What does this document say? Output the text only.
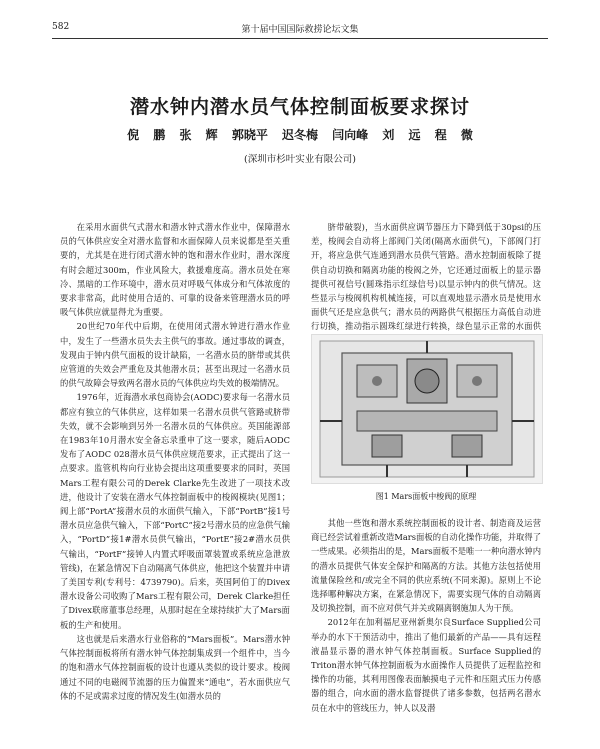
582	第十届中国国际救捞论坛文集
潜水钟内潜水员气体控制面板要求探讨
倪 鹏 张 辉 郭晓平 迟冬梅 闫向峰 刘 远 程 微
(深圳市杉叶实业有限公司)

在采用水面供气式潜水和潜水钟式潜水作业中，保障潜水员的气体供应安全对潜水监督和水面保障人员来说都是至关重要的，尤其是在进行闭式潜水钟的饱和潜水作业时，潜水深度有时会超过300m，作业风险大，救援难度高。潜水员处在寒冷、黑暗的工作环境中，潜水员对呼吸气体成分和气体浓度的要求非常高，此时使用合适的、可靠的设备来管理潜水员的呼吸气体供应就显得尤为重要。

20世纪70年代中后期，在使用闭式潜水钟进行潜水作业中，发生了一些潜水员失去主供气的事故。通过事故的调查，发现由于钟内供气面板的设计缺陷，一名潜水员的脐带或其供应管道的失效会严重危及其他潜水员；甚至出现过一名潜水员的供气故障会导致两名潜水员的气体供应均失效的极端情况。

1976年，近海潜水承包商协会(AODC)要求每一名潜水员都应有独立的气体供应，这样如果一名潜水员供气管路或脐带失效，就不会影响到另外一名潜水员的气体供应。英国能源部在1983年10月潜水安全备忘录重申了这一要求，随后AODC发布了AODC 028潜水员气体供应规范要求，正式提出了这一点要求。监管机构向行业协会提出这项重要要求的同时，英国Mars工程有限公司的Derek Clarke先生改进了一项技术改进，他设计了安装在潜水气体控制面板中的梭阀模块(见图1；阀上部“PortA”接潜水员的水面供气输入，下部“PortB”接1号潜水员应急供气输入，下部“PortC”接2号潜水员的应急供气输入，“PortD”接1#潜水员供气输出，“PortE”接2#潜水员供气输出，“PortF”接钟人内置式呼吸面罩装置或系统应急泄放管线)，在紧急情况下自动隔离气体供应，他把这个装置并申请了美国专利(专利号：4739790)。后来，英国阿伯丁的Divex潜水设备公司收购了Mars工程有限公司，Derek Clarke担任了Divex联席董事总经理，从那时起在全球持续扩大了Mars面板的生产和使用。

这也就是后来潜水行业俗称的“Mars面板”。Mars潜水钟气体控制面板将所有潜水钟气体控制集成到一个组件中，当今的饱和潜水气体控制面板的设计也遵从类似的设计要求。梭阀通过不同的电磁阀节流器的压力偏置来“通电”，若水面供应气体的不足或需求过度的情况发生(如潜水员的

脐带破裂)，当水面供应调节器压力下降到低于30psi的压差，梭阀会自动将上部阀门关闭(隔离水面供气)，下部阀门打开，将应急供气连通到潜水员供气管路。潜水控制面板除了提供自动切换和隔离功能的梭阀之外，它还通过面板上的显示器提供可视信号(圆珠指示红绿信号)以显示钟内的供气情况。这些显示与梭阀机构机械连接，可以直观地显示潜水员是使用水面供气还是应急供气；潜水员的两路供气根据压力高低自动进行切换，推动指示圆珠红绿进行转换，绿色显示正常的水面供

图1 Mars面板中梭阀的原理

其他一些饱和潜水系统控制面板的设计者、制造商及运营商已经尝试着重新改造Mars面板的自动化操作功能，并取得了一些成果。必须指出的是，Mars面板不是唯一一种向潜水钟内的潜水员提供气体安全保护和隔离的方法。其他方法包括使用流量保险丝和/或完全不同的供应系统(不同来源)。原则上不论选择哪种解决方案，在紧急情况下，需要实现气体的自动隔离及切换控制，而不应对供气并关或隔离钢施加人为干预。

2012年在加利福尼亚州新奥尔良Surface Supplied公司举办的水下干预活动中，推出了他们最新的产品——具有远程液晶显示器的潜水钟气体控制面板。Surface Supplied的Triton潜水钟气体控制面板为水面操作人员提供了远程监控和操作的功能，其利用图像表面触摸电子元件和压阻式压力传感器的组合，向水面的潜水监督提供了诸多参数，包括两名潜水员在水中的管线压力，钟人以及潜
